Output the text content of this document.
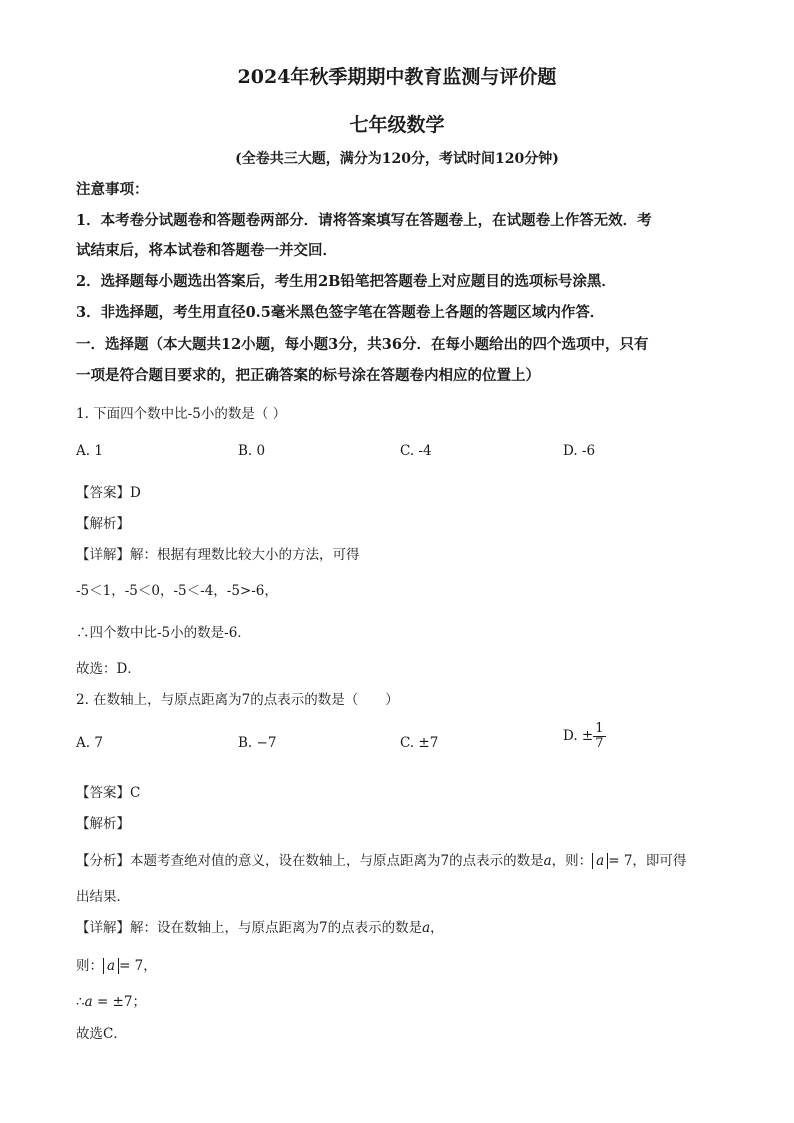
2024年秋季期期中教育监测与评价题
七年级数学
(全卷共三大题，满分为120分，考试时间120分钟)
注意事项：
1．本考卷分试题卷和答题卷两部分．请将答案填写在答题卷上，在试题卷上作答无效．考
试结束后，将本试卷和答题卷一并交回．
2．选择题每小题选出答案后，考生用2B铅笔把答题卷上对应题目的选项标号涂黑．
3．非选择题，考生用直径0.5毫米黑色签字笔在答题卷上各题的答题区域内作答．
一．选择题（本大题共12小题，每小题3分，共36分．在每小题给出的四个选项中，只有
一项是符合题目要求的，把正确答案的标号涂在答题卷内相应的位置上）
1. 下面四个数中比-5小的数是（ ）
A. 1	B. 0	C. -4	D. -6
【答案】D
【解析】
【详解】解：根据有理数比较大小的方法，可得
-5＜1，-5＜0，-5＜-4，-5>-6，
∴四个数中比-5小的数是-6．
故选：D．
2. 在数轴上，与原点距离为7的点表示的数是（　　）
A. 7	B. −7	C. ±7	D. ± $\frac{1}{7}$
【答案】C
【解析】
【分析】本题考查绝对值的意义，设在数轴上，与原点距离为7的点表示的数是a，则： a = 7，即可得
出结果．
【详解】解：设在数轴上，与原点距离为7的点表示的数是a，
则： a = 7，
∴a = ±7；
故选C．
